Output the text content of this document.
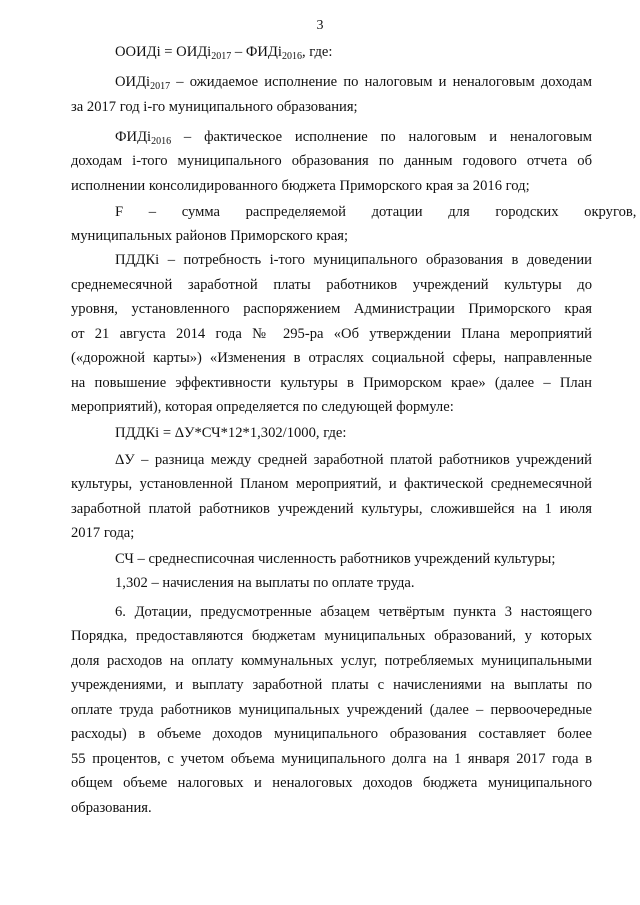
3
ООИДi = ОИДi$_{2017}$ – ФИДi$_{2016}$, где:
ОИДi$_{2017}$ – ожидаемое исполнение по налоговым и неналоговым доходам
за 2017 год i-го муниципального образования;
ФИДi$_{2016}$ – фактическое исполнение по налоговым и неналоговым
доходам i-того муниципального образования по данным годового отчета об
исполнении консолидированного бюджета Приморского края за 2016 год;
F – сумма распределяемой дотации для городских округов,
муниципальных районов Приморского края;
ПДДКi – потребность i-того муниципального образования в доведении
среднемесячной заработной платы работников учреждений культуры до
уровня, установленного распоряжением Администрации Приморского края
от 21 августа 2014 года № 295-ра «Об утверждении Плана мероприятий
(«дорожной карты») «Изменения в отраслях социальной сферы, направленные
на повышение эффективности культуры в Приморском крае» (далее – План
мероприятий), которая определяется по следующей формуле:
ПДДКi = ΔУ*СЧ*12*1,302/1000, где:
ΔУ – разница между средней заработной платой работников учреждений
культуры, установленной Планом мероприятий, и фактической среднемесячной
заработной платой работников учреждений культуры, сложившейся на 1 июля
2017 года;
СЧ – среднесписочная численность работников учреждений культуры;
1,302 – начисления на выплаты по оплате труда.
6. Дотации, предусмотренные абзацем четвёртым пункта 3 настоящего
Порядка, предоставляются бюджетам муниципальных образований, у которых
доля расходов на оплату коммунальных услуг, потребляемых муниципальными
учреждениями, и выплату заработной платы с начислениями на выплаты по
оплате труда работников муниципальных учреждений (далее – первоочередные
расходы) в объеме доходов муниципального образования составляет более
55 процентов, с учетом объема муниципального долга на 1 января 2017 года в
общем объеме налоговых и неналоговых доходов бюджета муниципального
образования.
